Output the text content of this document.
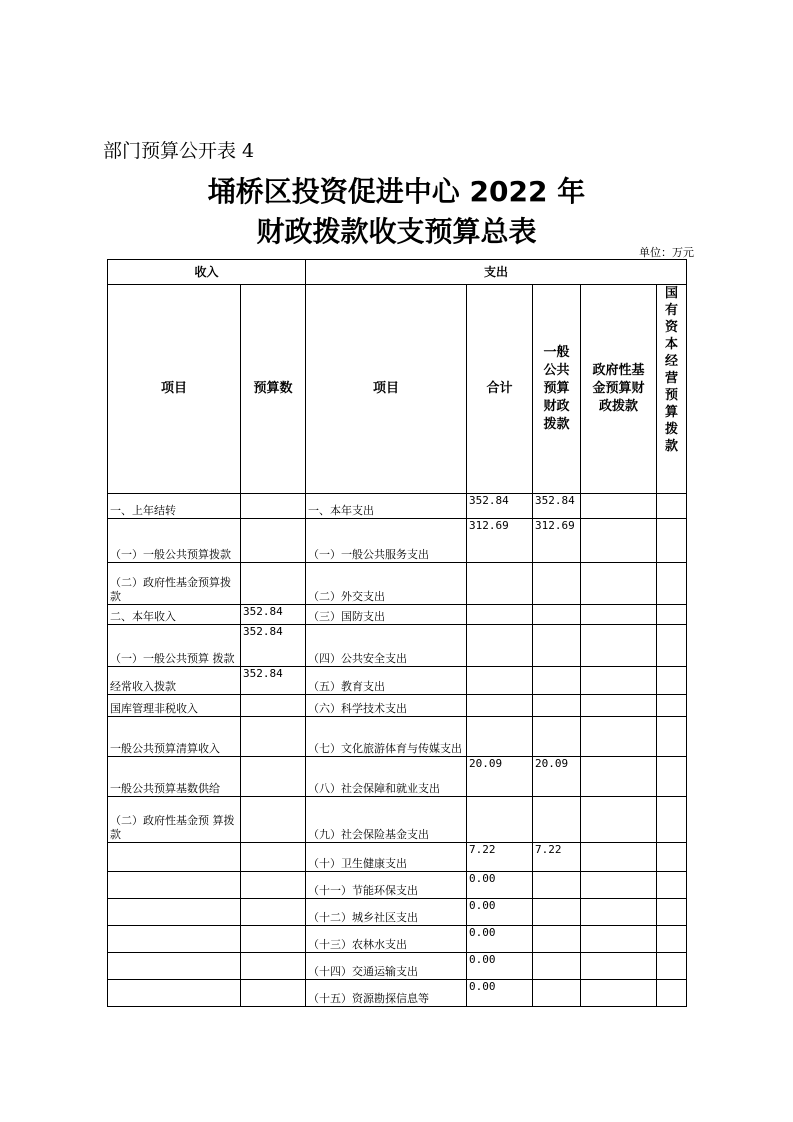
部门预算公开表 4
埇桥区投资促进中心 2022 年
财政拨款收支预算总表
单位：万元
收入		支出				
项目	预算数	项目	合计	一般公共预算财政拨款	政府性基金预算财政拨款	国有资本经营预算拨款

一、上年结转		一、本年支出	352.84	352.84		
（一）一般公共预算拨款		（一）一般公共服务支出	312.69	312.69		
（二）政府性基金预算拨款		（二）外交支出				
二、本年收入	352.84	（三）国防支出				
（一）一般公共预算 拨款	352.84	（四）公共安全支出				
经常收入拨款	352.84	（五）教育支出				
国库管理非税收入		（六）科学技术支出				
一般公共预算清算收入		（七）文化旅游体育与传媒支出				
一般公共预算基数供给		（八）社会保障和就业支出	20.09	20.09		
（二）政府性基金预 算拨款		（九）社会保险基金支出				
		（十）卫生健康支出	7.22	7.22		
		（十一）节能环保支出	0.00			
		（十二）城乡社区支出	0.00			
		（十三）农林水支出	0.00			
		（十四）交通运输支出	0.00			
		（十五）资源勘探信息等	0.00			
